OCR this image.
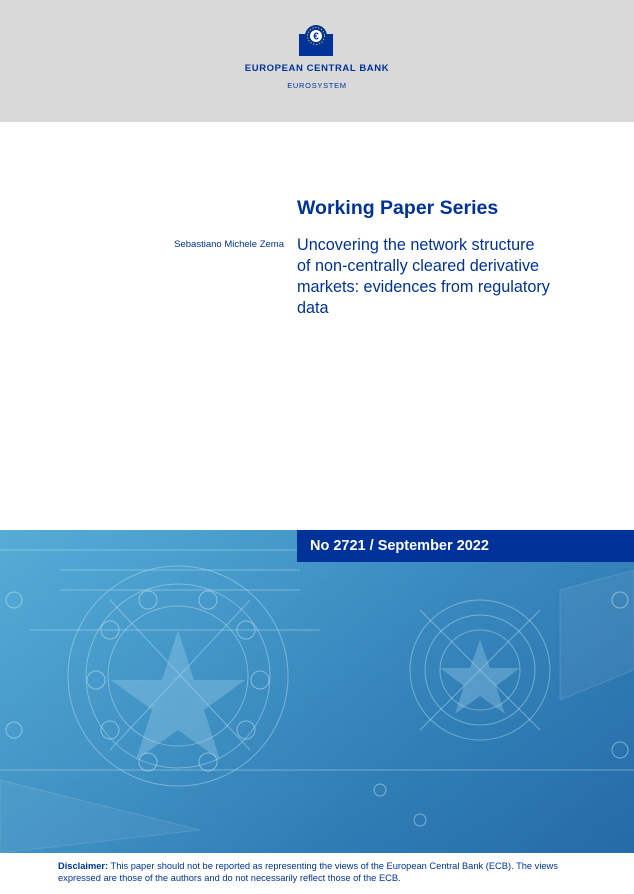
€
EUROPEAN CENTRAL BANK
EUROSYSTEM
Working Paper Series
Sebastiano Michele Zema Uncovering the network structure
of non-centrally cleared derivative
markets: evidences from regulatory
data
No 2721 / September 2022
Disclaimer: This paper should not be reported as representing the views of the European Central Bank (ECB). The views expressed are those of the authors and do not necessarily reflect those of the ECB.
